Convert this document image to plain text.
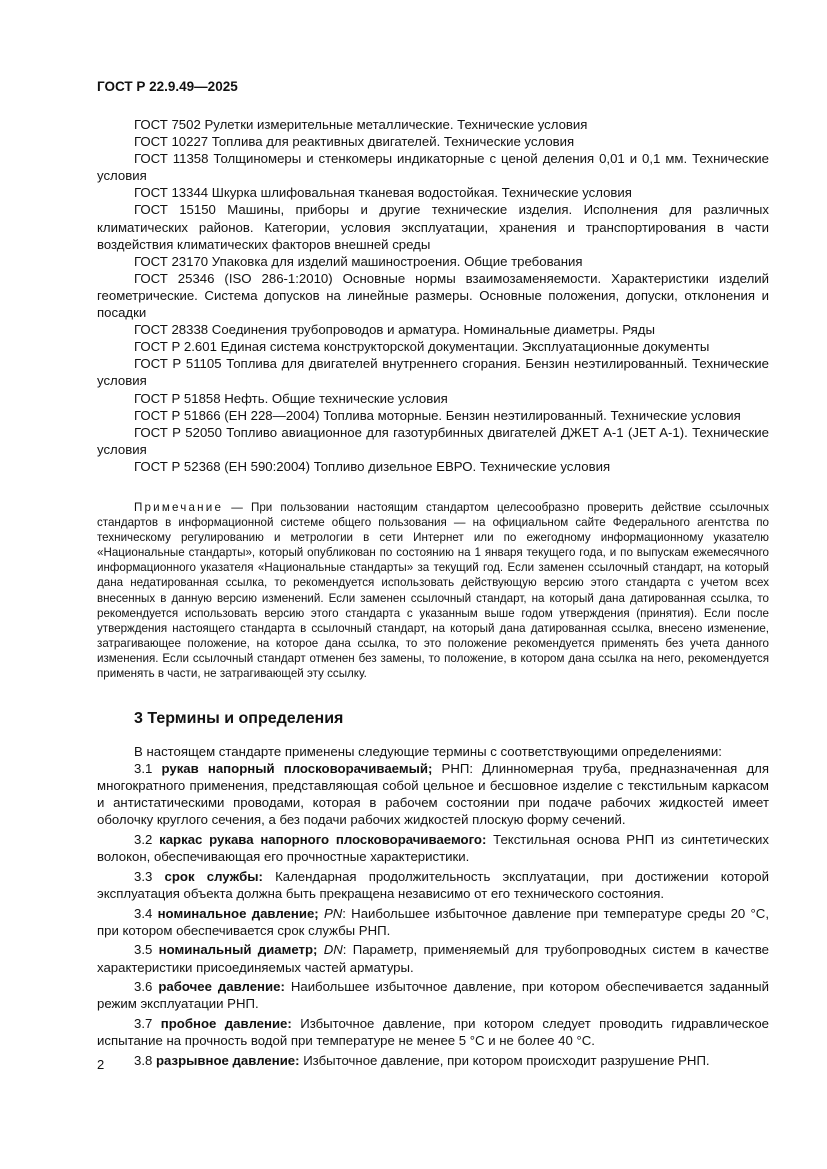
ГОСТ Р 22.9.49—2025

ГОСТ 7502 Рулетки измерительные металлические. Технические условия

ГОСТ 10227 Топлива для реактивных двигателей. Технические условия

ГОСТ 11358 Толщиномеры и стенкомеры индикаторные с ценой деления 0,01 и 0,1 мм. Технические условия

ГОСТ 13344 Шкурка шлифовальная тканевая водостойкая. Технические условия

ГОСТ 15150 Машины, приборы и другие технические изделия. Исполнения для различных климатических районов. Категории, условия эксплуатации, хранения и транспортирования в части воздействия климатических факторов внешней среды

ГОСТ 23170 Упаковка для изделий машиностроения. Общие требования

ГОСТ 25346 (ISO 286-1:2010) Основные нормы взаимозаменяемости. Характеристики изделий геометрические. Система допусков на линейные размеры. Основные положения, допуски, отклонения и посадки

ГОСТ 28338 Соединения трубопроводов и арматура. Номинальные диаметры. Ряды

ГОСТ Р 2.601 Единая система конструкторской документации. Эксплуатационные документы

ГОСТ Р 51105 Топлива для двигателей внутреннего сгорания. Бензин неэтилированный. Технические условия

ГОСТ Р 51858 Нефть. Общие технические условия

ГОСТ Р 51866 (ЕН 228—2004) Топлива моторные. Бензин неэтилированный. Технические условия

ГОСТ Р 52050 Топливо авиационное для газотурбинных двигателей ДЖЕТ А-1 (JET A-1). Технические условия

ГОСТ Р 52368 (ЕН 590:2004) Топливо дизельное ЕВРО. Технические условия

Примечание — При пользовании настоящим стандартом целесообразно проверить действие ссылочных стандартов в информационной системе общего пользования — на официальном сайте Федерального агентства по техническому регулированию и метрологии в сети Интернет или по ежегодному информационному указателю «Национальные стандарты», который опубликован по состоянию на 1 января текущего года, и по выпускам ежемесячного информационного указателя «Национальные стандарты» за текущий год. Если заменен ссылочный стандарт, на который дана недатированная ссылка, то рекомендуется использовать действующую версию этого стандарта с учетом всех внесенных в данную версию изменений. Если заменен ссылочный стандарт, на который дана датированная ссылка, то рекомендуется использовать версию этого стандарта с указанным выше годом утверждения (принятия). Если после утверждения настоящего стандарта в ссылочный стандарт, на который дана датированная ссылка, внесено изменение, затрагивающее положение, на которое дана ссылка, то это положение рекомендуется применять без учета данного изменения. Если ссылочный стандарт отменен без замены, то положение, в котором дана ссылка на него, рекомендуется применять в части, не затрагивающей эту ссылку.

3 Термины и определения

В настоящем стандарте применены следующие термины с соответствующими определениями:

3.1 рукав напорный плосковорачиваемый; РНП: Длинномерная труба, предназначенная для многократного применения, представляющая собой цельное и бесшовное изделие с текстильным каркасом и антистатическими проводами, которая в рабочем состоянии при подаче рабочих жидкостей имеет оболочку круглого сечения, а без подачи рабочих жидкостей плоскую форму сечений.

3.2 каркас рукава напорного плосковорачиваемого: Текстильная основа РНП из синтетических волокон, обеспечивающая его прочностные характеристики.

3.3 срок службы: Календарная продолжительность эксплуатации, при достижении которой эксплуатация объекта должна быть прекращена независимо от его технического состояния.

3.4 номинальное давление; PN: Наибольшее избыточное давление при температуре среды 20 °С, при котором обеспечивается срок службы РНП.

3.5 номинальный диаметр; DN: Параметр, применяемый для трубопроводных систем в качестве характеристики присоединяемых частей арматуры.

3.6 рабочее давление: Наибольшее избыточное давление, при котором обеспечивается заданный режим эксплуатации РНП.

3.7 пробное давление: Избыточное давление, при котором следует проводить гидравлическое испытание на прочность водой при температуре не менее 5 °С и не более 40 °С.

3.8 разрывное давление: Избыточное давление, при котором происходит разрушение РНП.

2
